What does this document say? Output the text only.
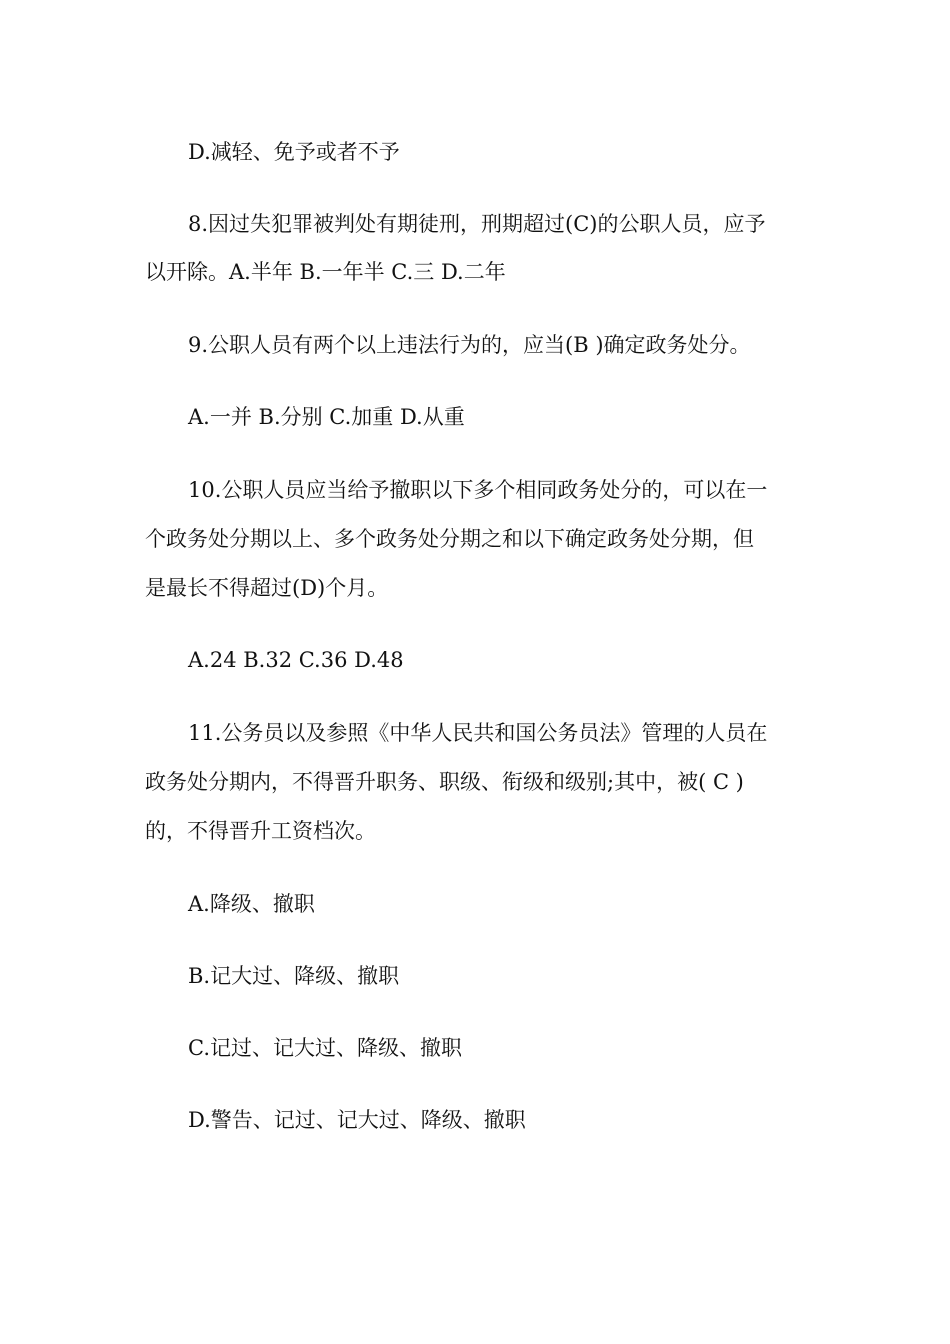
D.减轻、免予或者不予

8.因过失犯罪被判处有期徒刑，刑期超过(C)的公职人员，应予

以开除。A.半年 B.一年半 C.三 D.二年

9.公职人员有两个以上违法行为的，应当(B )确定政务处分。

A.一并 B.分别 C.加重 D.从重

10.公职人员应当给予撤职以下多个相同政务处分的，可以在一

个政务处分期以上、多个政务处分期之和以下确定政务处分期，但

是最长不得超过(D)个月。

A.24 B.32 C.36 D.48

11.公务员以及参照《中华人民共和国公务员法》管理的人员在

政务处分期内，不得晋升职务、职级、衔级和级别;其中，被( C )

的，不得晋升工资档次。

A.降级、撤职

B.记大过、降级、撤职

C.记过、记大过、降级、撤职

D.警告、记过、记大过、降级、撤职
